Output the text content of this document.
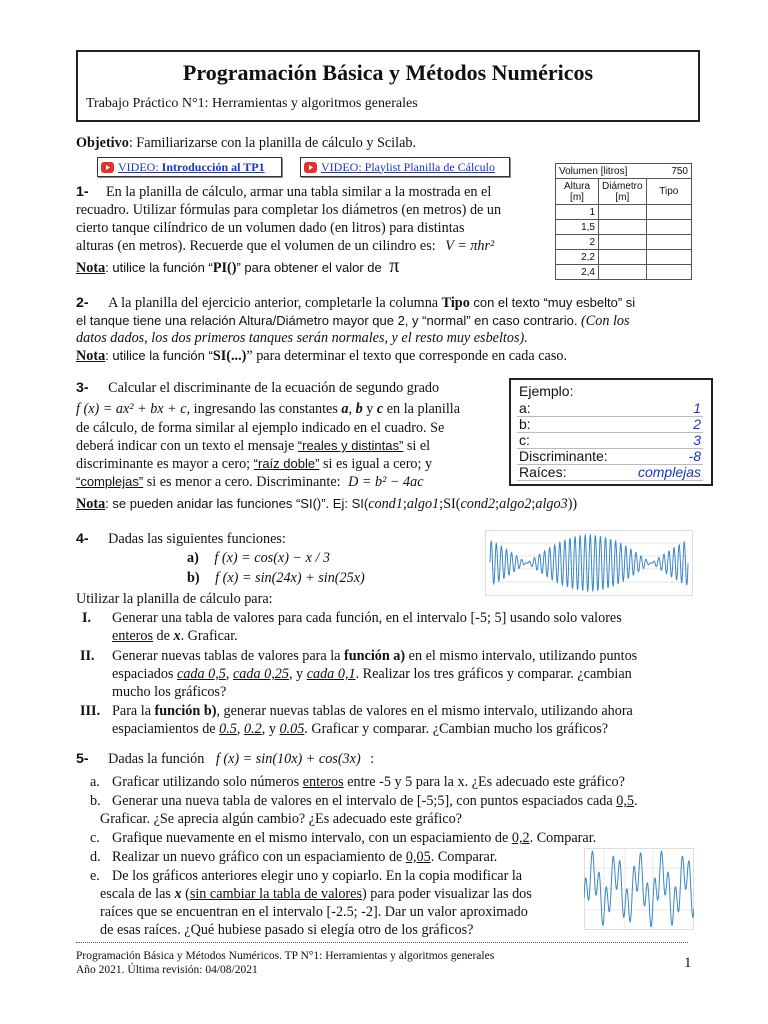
Programación Básica y Métodos Numéricos
Trabajo Práctico N°1: Herramientas y algoritmos generales
Objetivo: Familiarizarse con la planilla de cálculo y Scilab.
VIDEO: Introducción al TP1	VIDEO: Playlist Planilla de Cálculo	Volumen [litros]		750
Altura [m]	Diámetro [m]	Tipo
1		
1,5		
2		
2,2		
2,4		
1- En la planilla de cálculo, armar una tabla similar a la mostrada en el
recuadro. Utilizar fórmulas para completar los diámetros (en metros) de un
cierto tanque cilíndrico de un volumen dado (en litros) para distintas
alturas (en metros). Recuerde que el volumen de un cilindro es: V = πhr²
Nota: utilice la función “PI()” para obtener el valor de π
2- A la planilla del ejercicio anterior, completarle la columna Tipo con el texto “muy esbelto” si
el tanque tiene una relación Altura/Diámetro mayor que 2, y “normal” en caso contrario. (Con los
datos dados, los dos primeros tanques serán normales, y el resto muy esbeltos).
Nota: utilice la función “SI(...)” para determinar el texto que corresponde en cada caso.
3- Calcular el discriminante de la ecuación de segundo grado
f (x) = ax² + bx + c, ingresando las constantes a, b y c en la planilla
de cálculo, de forma similar al ejemplo indicado en el cuadro. Se
deberá indicar con un texto el mensaje “reales y distintas” si el
discriminante es mayor a cero; “raíz doble” si es igual a cero; y
“complejas” si es menor a cero. Discriminante: D = b² − 4ac
Nota: se pueden anidar las funciones “SI()”. Ej: SI(cond1;algo1;SI(cond2;algo2;algo3))
Ejemplo:
a:	1
b:	2
c:	3
Discriminante:	-8
Raíces:	complejas
4- Dadas las siguientes funciones:
a) f (x) = cos(x) − x / 3
b) f (x) = sin(24x) + sin(25x)
Utilizar la planilla de cálculo para:
I. Generar una tabla de valores para cada función, en el intervalo [-5; 5] usando solo valores
enteros de x. Graficar.
II. Generar nuevas tablas de valores para la función a) en el mismo intervalo, utilizando puntos
espaciados cada 0,5, cada 0,25, y cada 0,1. Realizar los tres gráficos y comparar. ¿cambian
mucho los gráficos?
III. Para la función b), generar nuevas tablas de valores en el mismo intervalo, utilizando ahora
espaciamientos de 0.5, 0.2, y 0.05. Graficar y comparar. ¿Cambian mucho los gráficos?
5- Dadas la función f (x) = sin(10x) + cos(3x) :
a. Graficar utilizando solo números enteros entre -5 y 5 para la x. ¿Es adecuado este gráfico?
b. Generar una nueva tabla de valores en el intervalo de [-5;5], con puntos espaciados cada 0,5.
Graficar. ¿Se aprecia algún cambio? ¿Es adecuado este gráfico?
c. Grafique nuevamente en el mismo intervalo, con un espaciamiento de 0,2. Comparar.
d. Realizar un nuevo gráfico con un espaciamiento de 0,05. Comparar.
e. De los gráficos anteriores elegir uno y copiarlo. En la copia modificar la
escala de las x (sin cambiar la tabla de valores) para poder visualizar las dos
raíces que se encuentran en el intervalo [-2.5; -2]. Dar un valor aproximado
de esas raíces. ¿Qué hubiese pasado si elegía otro de los gráficos?
Programación Básica y Métodos Numéricos. TP N°1: Herramientas y algoritmos generales
Año 2021. Última revisión: 04/08/2021	1
